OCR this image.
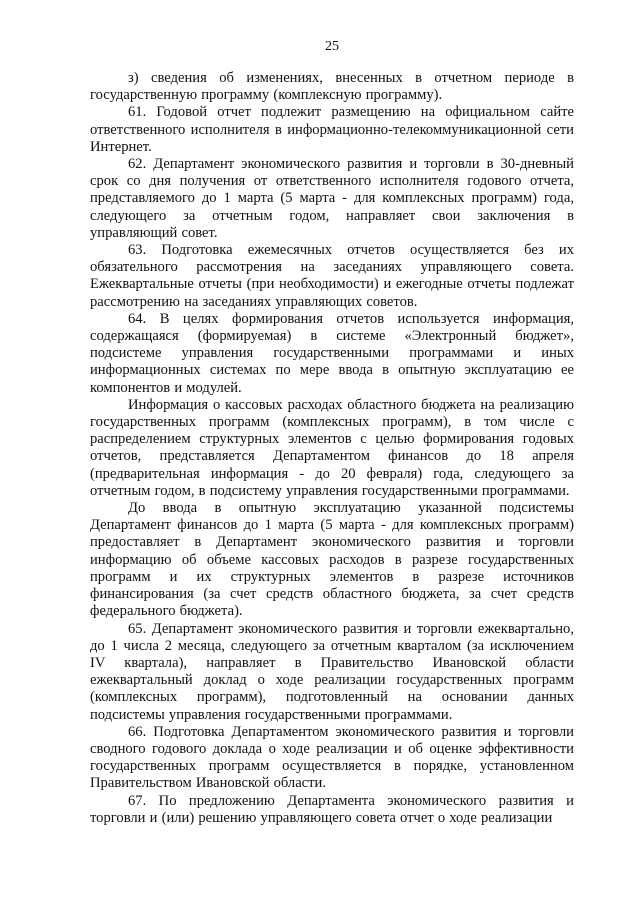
25

з) сведения об изменениях, внесенных в отчетном периоде в государственную программу (комплексную программу).

61. Годовой отчет подлежит размещению на официальном сайте ответственного исполнителя в информационно-телекоммуникационной сети Интернет.

62. Департамент экономического развития и торговли в 30-дневный срок со дня получения от ответственного исполнителя годового отчета, представляемого до 1 марта (5 марта - для комплексных программ) года, следующего за отчетным годом, направляет свои заключения в управляющий совет.

63. Подготовка ежемесячных отчетов осуществляется без их обязательного рассмотрения на заседаниях управляющего совета. Ежеквартальные отчеты (при необходимости) и ежегодные отчеты подлежат рассмотрению на заседаниях управляющих советов.

64. В целях формирования отчетов используется информация, содержащаяся (формируемая) в системе «Электронный бюджет», подсистеме управления государственными программами и иных информационных системах по мере ввода в опытную эксплуатацию ее компонентов и модулей.

Информация о кассовых расходах областного бюджета на реализацию государственных программ (комплексных программ), в том числе с распределением структурных элементов с целью формирования годовых отчетов, представляется Департаментом финансов до 18 апреля (предварительная информация - до 20 февраля) года, следующего за отчетным годом, в подсистему управления государственными программами.

До ввода в опытную эксплуатацию указанной подсистемы Департамент финансов до 1 марта (5 марта - для комплексных программ) предоставляет в Департамент экономического развития и торговли информацию об объеме кассовых расходов в разрезе государственных программ и их структурных элементов в разрезе источников финансирования (за счет средств областного бюджета, за счет средств федерального бюджета).

65. Департамент экономического развития и торговли ежеквартально, до 1 числа 2 месяца, следующего за отчетным кварталом (за исключением IV квартала), направляет в Правительство Ивановской области ежеквартальный доклад о ходе реализации государственных программ (комплексных программ), подготовленный на основании данных подсистемы управления государственными программами.

66. Подготовка Департаментом экономического развития и торговли сводного годового доклада о ходе реализации и об оценке эффективности государственных программ осуществляется в порядке, установленном Правительством Ивановской области.

67. По предложению Департамента экономического развития и торговли и (или) решению управляющего совета отчет о ходе реализации
